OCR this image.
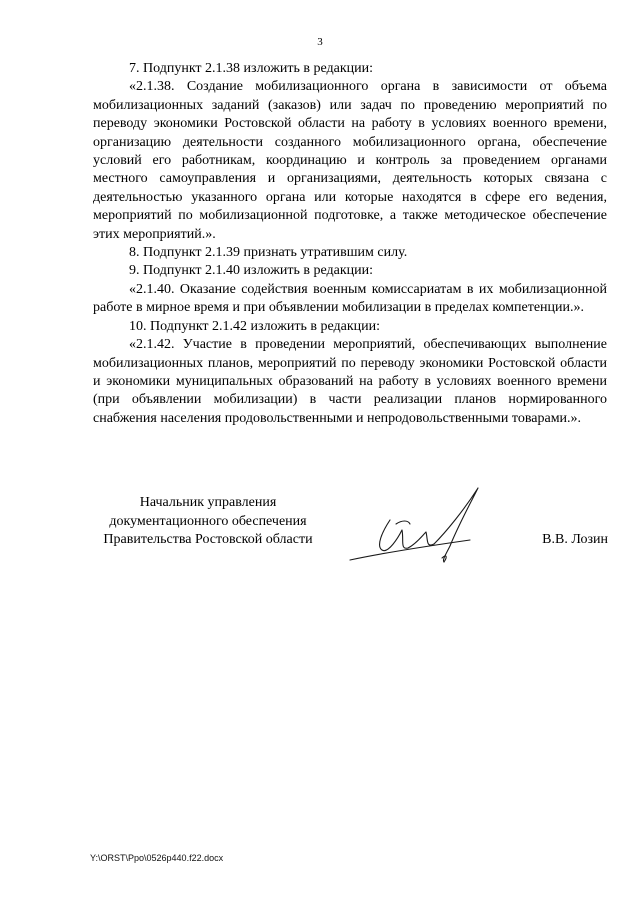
3

7. Подпункт 2.1.38 изложить в редакции:

«2.1.38. Создание мобилизационного органа в зависимости от объема мобилизационных заданий (заказов) или задач по проведению мероприятий по переводу экономики Ростовской области на работу в условиях военного времени, организацию деятельности созданного мобилизационного органа, обеспечение условий его работникам, координацию и контроль за проведением органами местного самоуправления и организациями, деятельность которых связана с деятельностью указанного органа или которые находятся в сфере его ведения, мероприятий по мобилизационной подготовке, а также методическое обеспечение этих мероприятий.».

8. Подпункт 2.1.39 признать утратившим силу.

9. Подпункт 2.1.40 изложить в редакции:

«2.1.40. Оказание содействия военным комиссариатам в их мобилизационной работе в мирное время и при объявлении мобилизации в пределах компетенции.».

10. Подпункт 2.1.42 изложить в редакции:

«2.1.42. Участие в проведении мероприятий, обеспечивающих выполнение мобилизационных планов, мероприятий по переводу экономики Ростовской области и экономики муниципальных образований на работу в условиях военного времени (при объявлении мобилизации) в части реализации планов нормированного снабжения населения продовольственными и непродовольственными товарами.».

Начальник управления
документационного обеспечения
Правительства Ростовской области	В.В. Лозин
Y:\ORST\Ppo\0526p440.f22.docx
